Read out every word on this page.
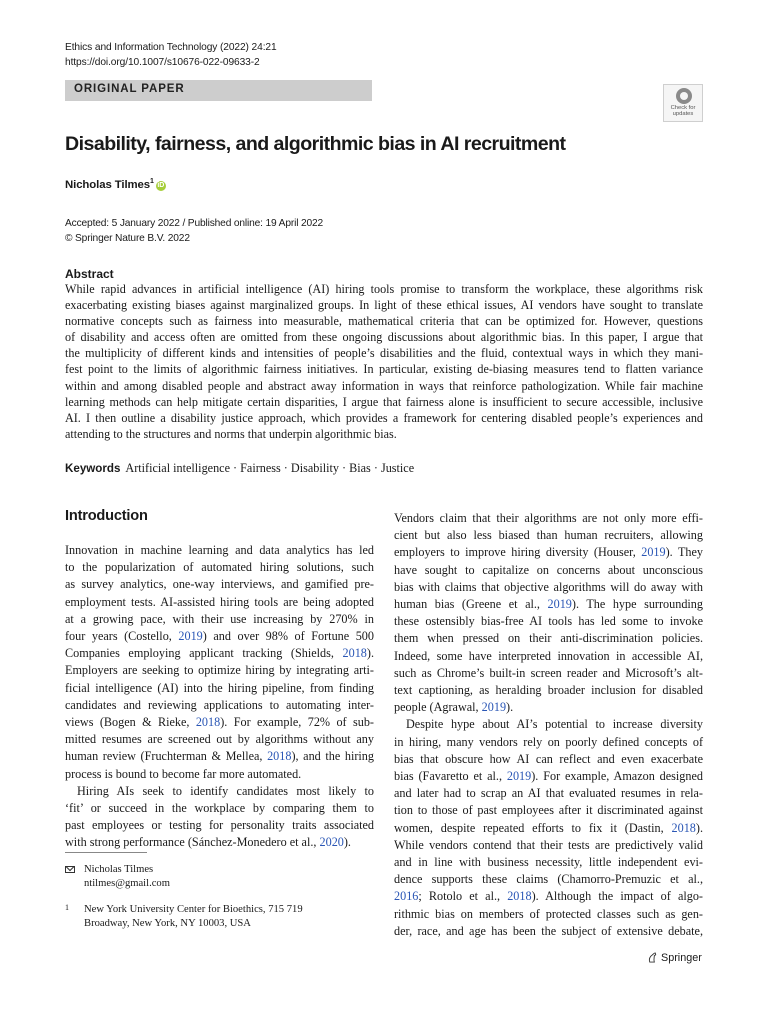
Ethics and Information Technology (2022) 24:21
https://doi.org/10.1007/s10676-022-09633-2
ORIGINAL PAPER
Check for
updates
Disability, fairness, and algorithmic bias in AI recruitment
Nicholas Tilmes$^1$iD
Accepted: 5 January 2022 / Published online: 19 April 2022
© Springer Nature B.V. 2022
Abstract
While rapid advances in artificial intelligence (AI) hiring tools promise to transform the workplace, these algorithms risk
exacerbating existing biases against marginalized groups. In light of these ethical issues, AI vendors have sought to translate
normative concepts such as fairness into measurable, mathematical criteria that can be optimized for. However, questions
of disability and access often are omitted from these ongoing discussions about algorithmic bias. In this paper, I argue that
the multiplicity of different kinds and intensities of people’s disabilities and the fluid, contextual ways in which they mani-
fest point to the limits of algorithmic fairness initiatives. In particular, existing de-biasing measures tend to flatten variance
within and among disabled people and abstract away information in ways that reinforce pathologization. While fair machine
learning methods can help mitigate certain disparities, I argue that fairness alone is insufficient to secure accessible, inclusive
AI. I then outline a disability justice approach, which provides a framework for centering disabled people’s experiences and
attending to the structures and norms that underpin algorithmic bias.
Keywords Artificial intelligence · Fairness · Disability · Bias · Justice
Introduction
Innovation in machine learning and data analytics has led
to the popularization of automated hiring solutions, such
as survey analytics, one-way interviews, and gamified pre-
employment tests. AI-assisted hiring tools are being adopted
at a growing pace, with their use increasing by 270% in
four years (Costello, 2019) and over 98% of Fortune 500
Companies employing applicant tracking (Shields, 2018).
Employers are seeking to optimize hiring by integrating arti-
ficial intelligence (AI) into the hiring pipeline, from finding
candidates and reviewing applications to automating inter-
views (Bogen & Rieke, 2018). For example, 72% of sub-
mitted resumes are screened out by algorithms without any
human review (Fruchterman & Mellea, 2018), and the hiring
process is bound to become far more automated.
Hiring AIs seek to identify candidates most likely to
‘fit’ or succeed in the workplace by comparing them to
past employees or testing for personality traits associated
with strong performance (Sánchez-Monedero et al., 2020).
Vendors claim that their algorithms are not only more effi-
cient but also less biased than human recruiters, allowing
employers to improve hiring diversity (Houser, 2019). They
have sought to capitalize on concerns about unconscious
bias with claims that objective algorithms will do away with
human bias (Greene et al., 2019). The hype surrounding
these ostensibly bias-free AI tools has led some to invoke
them when pressed on their anti-discrimination policies.
Indeed, some have interpreted innovation in accessible AI,
such as Chrome’s built-in screen reader and Microsoft’s alt-
text captioning, as heralding broader inclusion for disabled
people (Agrawal, 2019).
Despite hype about AI’s potential to increase diversity
in hiring, many vendors rely on poorly defined concepts of
bias that obscure how AI can reflect and even exacerbate
bias (Favaretto et al., 2019). For example, Amazon designed
and later had to scrap an AI that evaluated resumes in rela-
tion to those of past employees after it discriminated against
women, despite repeated efforts to fix it (Dastin, 2018).
While vendors contend that their tests are predictively valid
and in line with business necessity, little independent evi-
dence supports these claims (Chamorro-Premuzic et al.,
2016; Rotolo et al., 2018). Although the impact of algo-
rithmic bias on members of protected classes such as gen-
der, race, and age has been the subject of extensive debate,
Nicholas Tilmes
ntilmes@gmail.com
1 New York University Center for Bioethics, 715 719
Broadway, New York, NY 10003, USA
Springer
